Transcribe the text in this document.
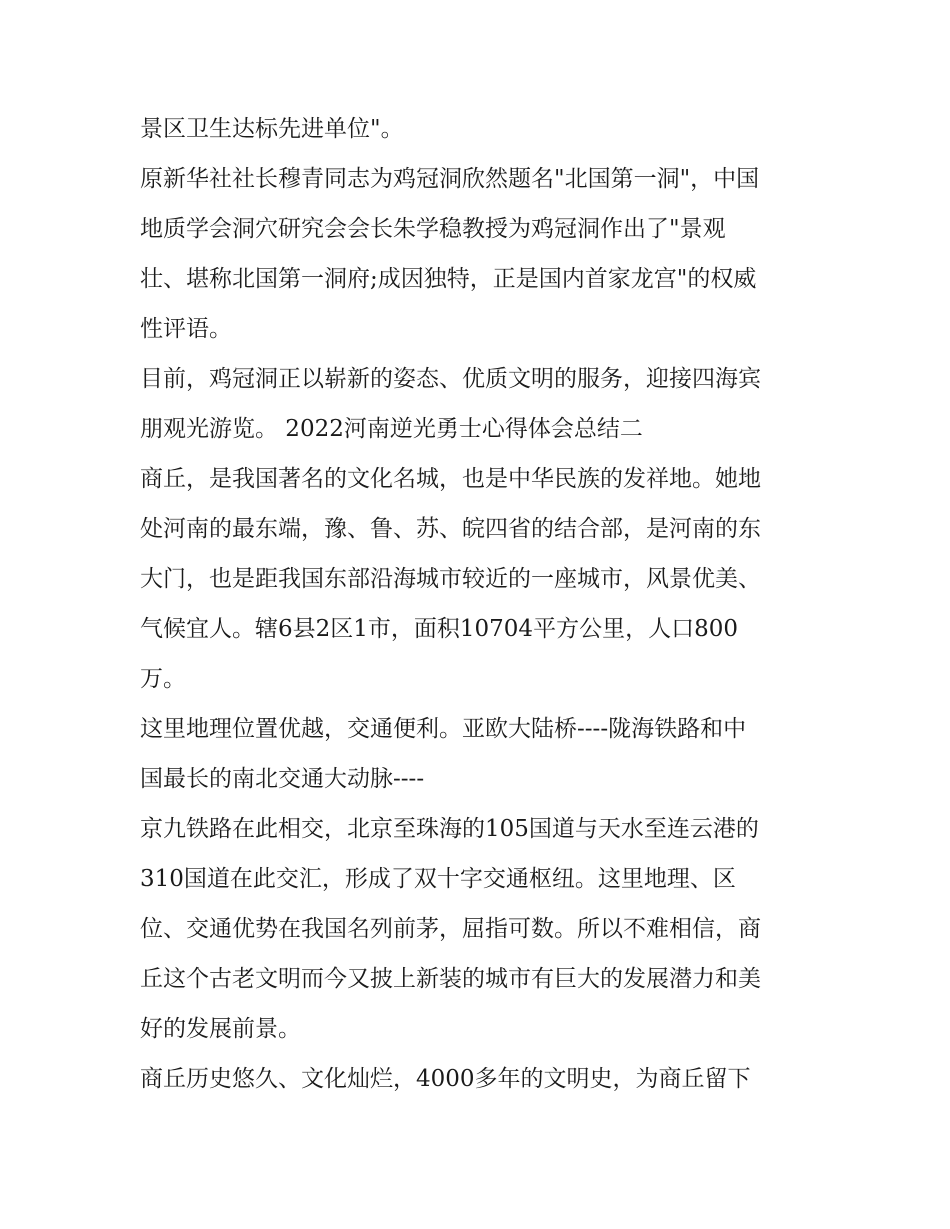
景区卫生达标先进单位"。
原新华社社长穆青同志为鸡冠洞欣然题名"北国第一洞"，中国
地质学会洞穴研究会会长朱学稳教授为鸡冠洞作出了"景观
壮、堪称北国第一洞府;成因独特，正是国内首家龙宫"的权威
性评语。
目前，鸡冠洞正以崭新的姿态、优质文明的服务，迎接四海宾
朋观光游览。 2022河南逆光勇士心得体会总结二
商丘，是我国著名的文化名城，也是中华民族的发祥地。她地
处河南的最东端，豫、鲁、苏、皖四省的结合部，是河南的东
大门，也是距我国东部沿海城市较近的一座城市，风景优美、
气候宜人。辖6县2区1市，面积10704平方公里，人口800
万。
这里地理位置优越，交通便利。亚欧大陆桥----陇海铁路和中
国最长的南北交通大动脉----
京九铁路在此相交，北京至珠海的105国道与天水至连云港的
310国道在此交汇，形成了双十字交通枢纽。这里地理、区
位、交通优势在我国名列前茅，屈指可数。所以不难相信，商
丘这个古老文明而今又披上新装的城市有巨大的发展潜力和美
好的发展前景。
商丘历史悠久、文化灿烂，4000多年的文明史，为商丘留下
